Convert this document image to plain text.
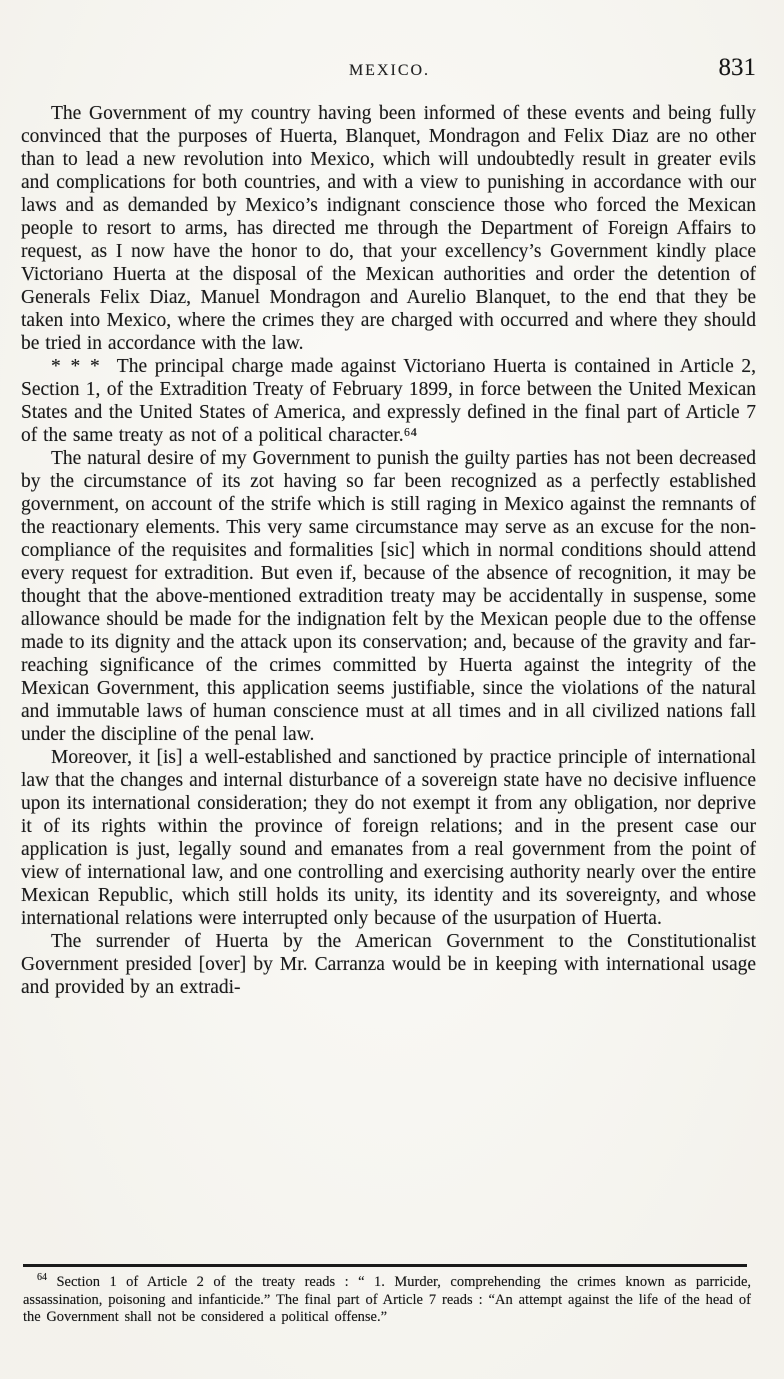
MEXICO.	831

The Government of my country having been informed of these events and being fully convinced that the purposes of Huerta, Blanquet, Mondragon and Felix Diaz are no other than to lead a new revolution into Mexico, which will undoubtedly result in greater evils and complications for both countries, and with a view to punishing in accordance with our laws and as demanded by Mexico’s indignant conscience those who forced the Mexican people to resort to arms, has directed me through the Department of Foreign Affairs to request, as I now have the honor to do, that your excellency’s Government kindly place Victoriano Huerta at the disposal of the Mexican authorities and order the detention of Generals Felix Diaz, Manuel Mondragon and Aurelio Blanquet, to the end that they be taken into Mexico, where the crimes they are charged with occurred and where they should be tried in accordance with the law.

* * *  The principal charge made against Victoriano Huerta is contained in Article 2, Section 1, of the Extradition Treaty of February 1899, in force between the United Mexican States and the United States of America, and expressly defined in the final part of Article 7 of the same treaty as not of a political character.⁶⁴

The natural desire of my Government to punish the guilty parties has not been decreased by the circumstance of its zot having so far been recognized as a perfectly established government, on account of the strife which is still raging in Mexico against the remnants of the reactionary elements. This very same circumstance may serve as an excuse for the non-compliance of the requisites and formalities [sic] which in normal conditions should attend every request for extradition. But even if, because of the absence of recognition, it may be thought that the above-mentioned extradition treaty may be accidentally in suspense, some allowance should be made for the indignation felt by the Mexican people due to the offense made to its dignity and the attack upon its conservation; and, because of the gravity and far-reaching significance of the crimes committed by Huerta against the integrity of the Mexican Government, this application seems justifiable, since the violations of the natural and immutable laws of human conscience must at all times and in all civilized nations fall under the discipline of the penal law.

Moreover, it [is] a well-established and sanctioned by practice principle of international law that the changes and internal disturbance of a sovereign state have no decisive influence upon its international consideration; they do not exempt it from any obligation, nor deprive it of its rights within the province of foreign relations; and in the present case our application is just, legally sound and emanates from a real government from the point of view of international law, and one controlling and exercising authority nearly over the entire Mexican Republic, which still holds its unity, its identity and its sovereignty, and whose international relations were interrupted only because of the usurpation of Huerta.

The surrender of Huerta by the American Government to the Constitutionalist Government presided [over] by Mr. Carranza would be in keeping with international usage and provided by an extradi-

$^{64}$ Section 1 of Article 2 of the treaty reads : “ 1. Murder, comprehending the crimes known as parricide, assassination, poisoning and infanticide.” The final part of Article 7 reads : “An attempt against the life of the head of the Government shall not be considered a political offense.”
